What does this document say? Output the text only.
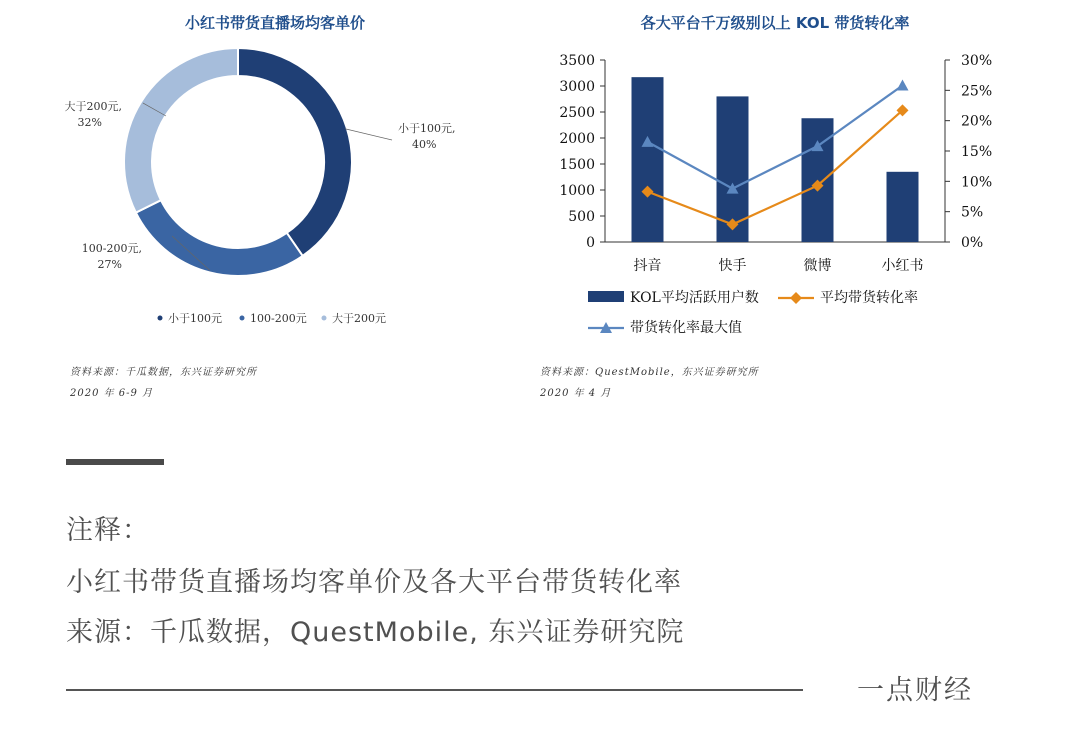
小红书带货直播场均客单价
小于100元,
40%
100-200元,
27%
大于200元,
32%
小于100元	100-200元 大于200元
资料来源：千瓜数据，东兴证券研究所
2020 年 6-9 月
各大平台千万级别以上 KOL 带货转化率
0
500
1000
1500
2000
2500
3000
3500
0%
5%
10%
15%
20%
25%
30%
抖音	快手	微博	小红书
KOL平均活跃用户数	平均带货转化率
带货转化率最大值
资料来源：QuestMobile，东兴证券研究所
2020 年 4 月
注释：
小红书带货直播场均客单价及各大平台带货转化率
来源：千瓜数据，QuestMobile, 东兴证券研究院
一点财经
